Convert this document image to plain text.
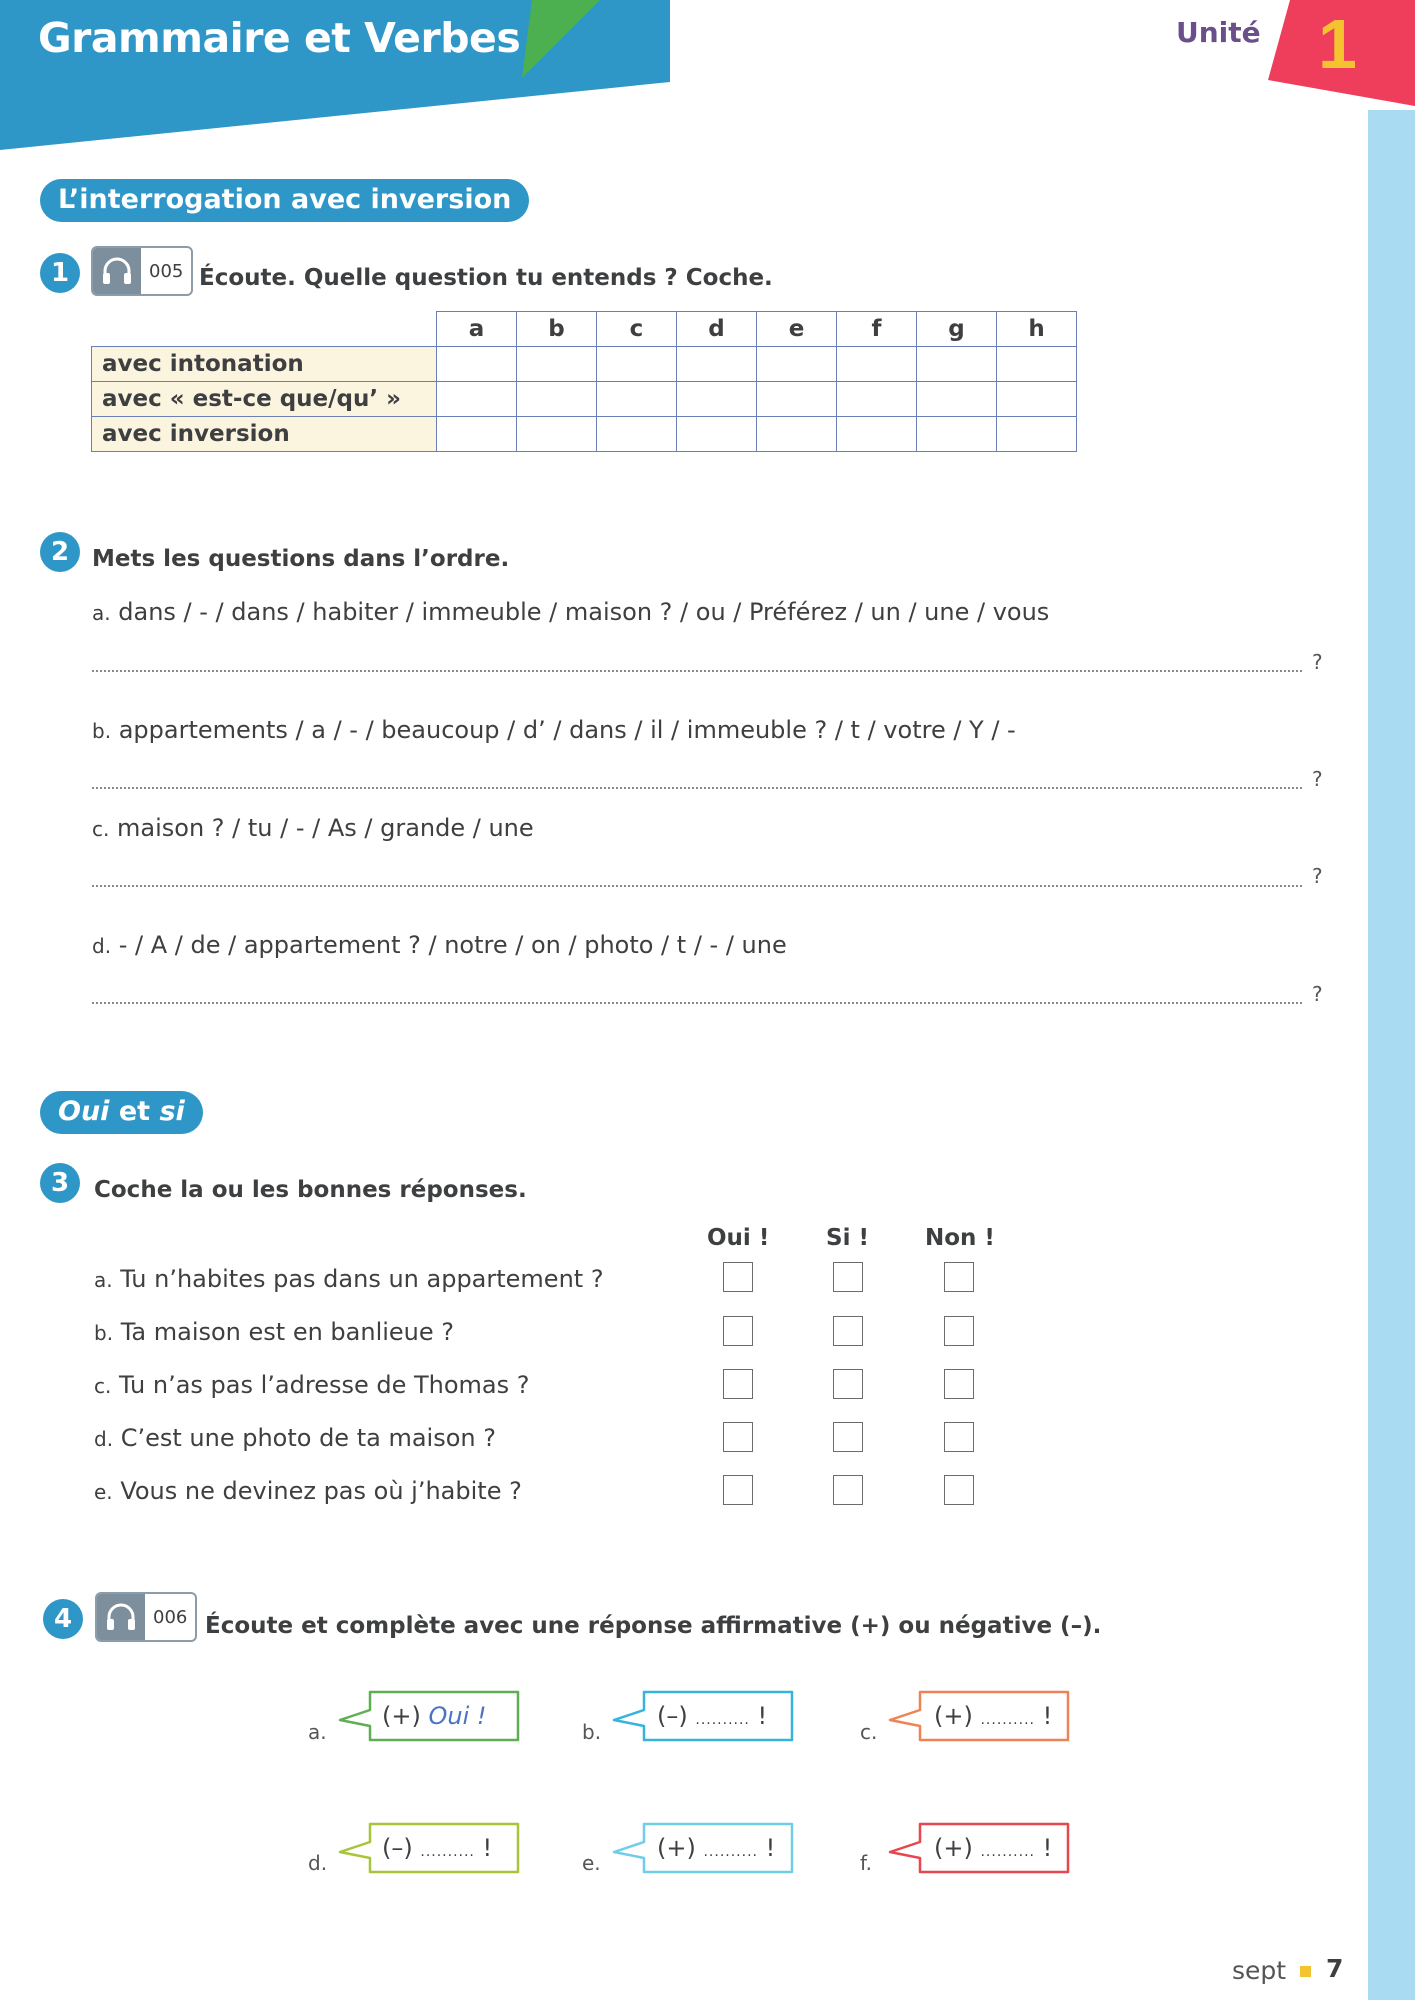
Grammaire et Verbes	Unité 1
L’interrogation avec inversion
1	005 Écoute. Quelle question tu entends ? Coche.
	a	b	c	d	e	f	g	h
avec intonation								
avec « est-ce que/qu’ »								
avec inversion								
2 Mets les questions dans l’ordre.
a. dans / - / dans / habiter / immeuble / maison ? / ou / Préférez / un / une / vous
?
b. appartements / a / - / beaucoup / d’ / dans / il / immeuble ? / t / votre / Y / -
?
c. maison ? / tu / - / As / grande / une
?
d. - / A / de / appartement ? / notre / on / photo / t / - / une
?
Oui et si
3	Coche la ou les bonnes réponses.
Oui ! Si ! Non !
a. Tu n’habites pas dans un appartement ?
b. Ta maison est en banlieue ?
c. Tu n’as pas l’adresse de Thomas ?
d. C’est une photo de ta maison ?
e. Vous ne devinez pas où j’habite ?
4	006 Écoute et complète avec une réponse affirmative (+) ou négative (–).
a.
(+) Oui !
b.
(–) .......... !
c.
(+) .......... !
d.
(–) .......... !
e.
(+) .......... !
f.
(+) .......... !
sept 7
